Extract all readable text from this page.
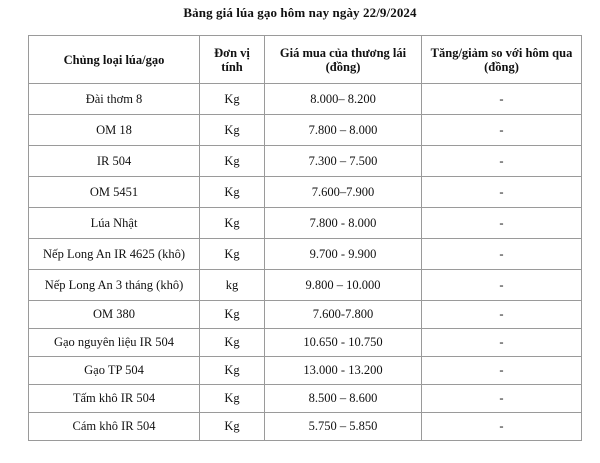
Bảng giá lúa gạo hôm nay ngày 22/9/2024
Chủng loại lúa/gạo	Đơn vị tính	Giá mua của thương lái (đồng)	Tăng/giảm so với hôm qua (đồng)
Đài thơm 8	Kg	8.000– 8.200	-
OM 18	Kg	7.800 – 8.000	-
IR 504	Kg	7.300 – 7.500	-
OM 5451	Kg	7.600–7.900	-
Lúa Nhật	Kg	7.800 - 8.000	-
Nếp Long An IR 4625 (khô)	Kg	9.700 - 9.900	-
Nếp Long An 3 tháng (khô)	kg	9.800 – 10.000	-
OM 380	Kg	7.600-7.800	-
Gạo nguyên liệu IR 504	Kg	10.650 - 10.750	-
Gạo TP 504	Kg	13.000 - 13.200	-
Tấm khô IR 504	Kg	8.500 – 8.600	-
Cám khô IR 504	Kg	5.750 – 5.850	-
